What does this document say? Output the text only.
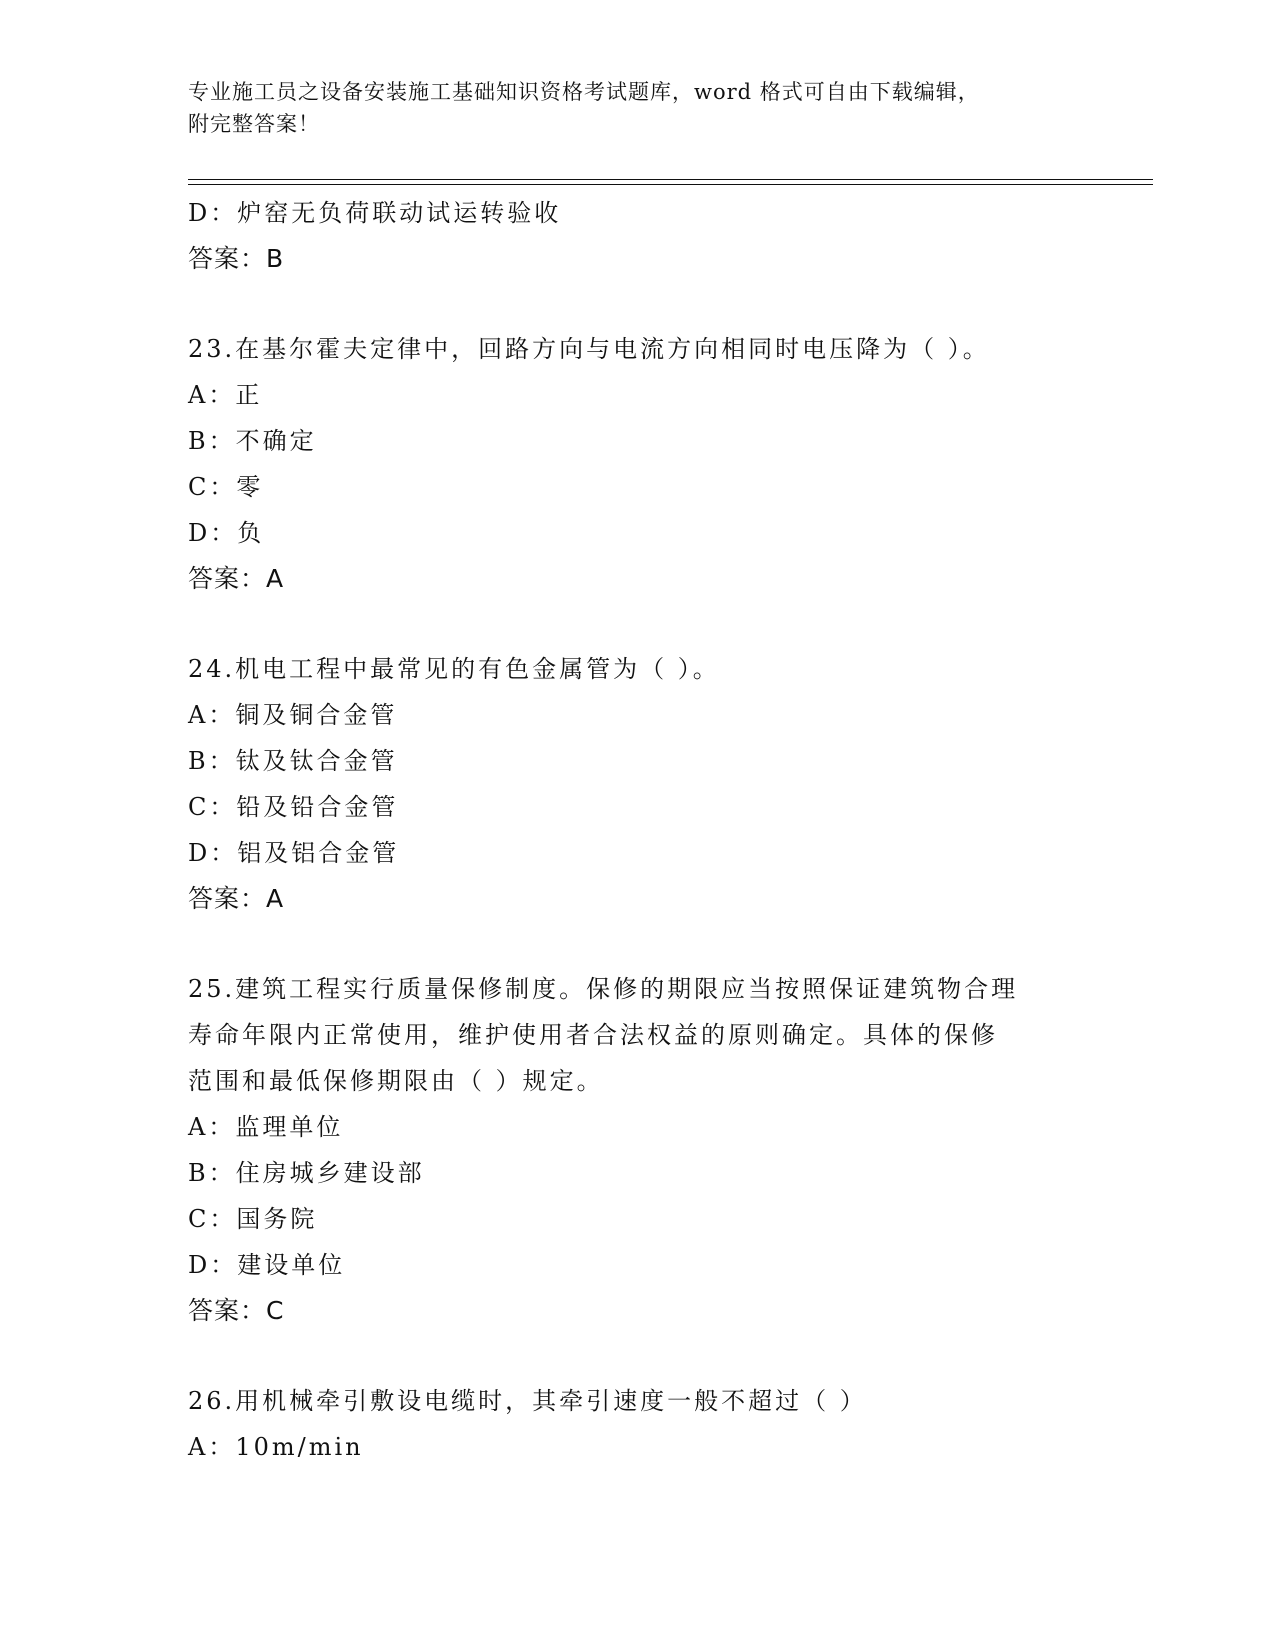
专业施工员之设备安装施工基础知识资格考试题库，word 格式可自由下载编辑，
附完整答案！
D：炉窑无负荷联动试运转验收
答案：B
23.在基尔霍夫定律中，回路方向与电流方向相同时电压降为（ ）。
A：正
B：不确定
C：零
D：负
答案：A
24.机电工程中最常见的有色金属管为（ ）。
A：铜及铜合金管
B：钛及钛合金管
C：铅及铅合金管
D：铝及铝合金管
答案：A
25.建筑工程实行质量保修制度。保修的期限应当按照保证建筑物合理
寿命年限内正常使用，维护使用者合法权益的原则确定。具体的保修
范围和最低保修期限由（ ）规定。
A：监理单位
B：住房城乡建设部
C：国务院
D：建设单位
答案：C
26.用机械牵引敷设电缆时，其牵引速度一般不超过（ ）
A：10m/min
